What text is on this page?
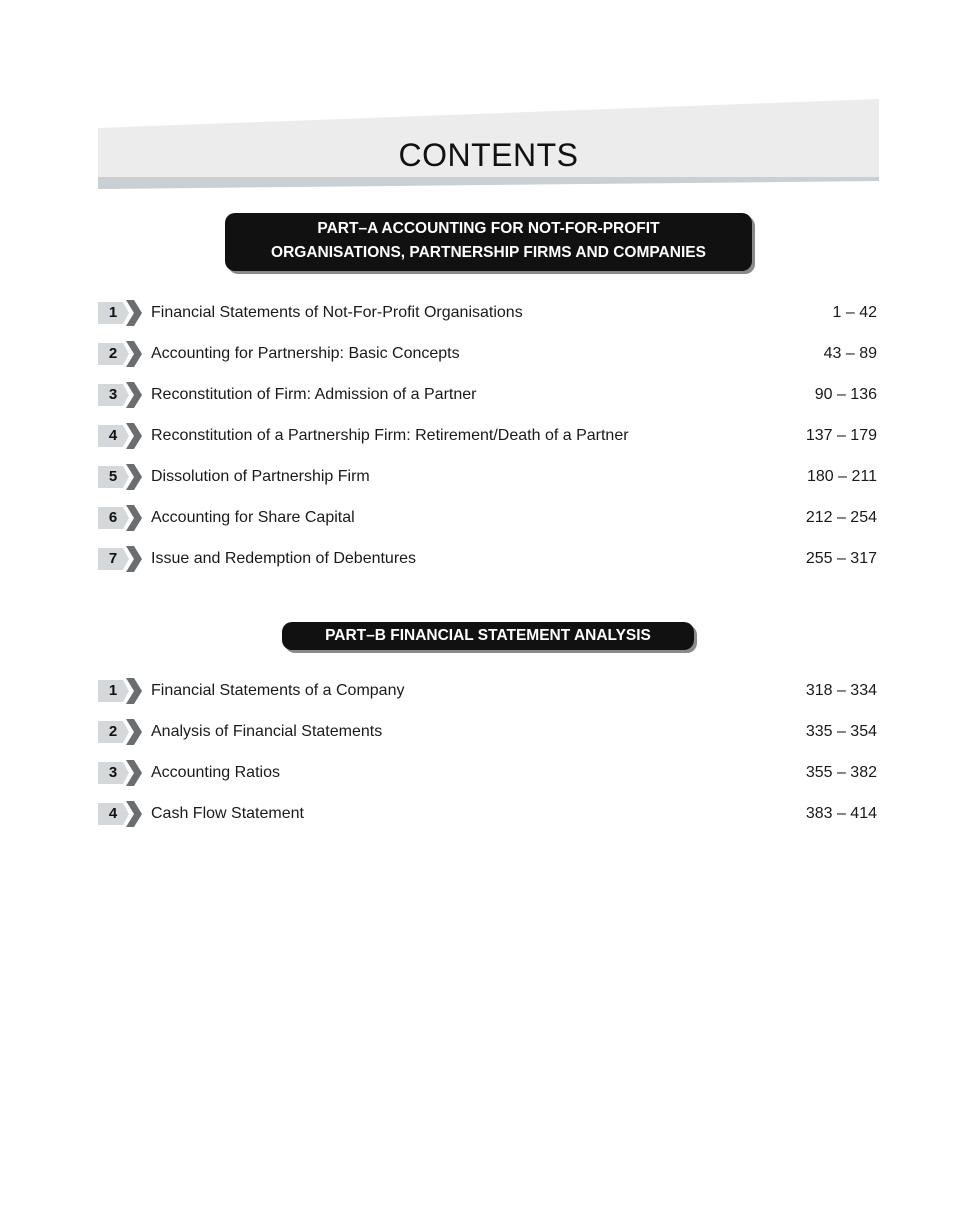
CONTENTS
PART–A ACCOUNTING FOR NOT-FOR-PROFIT
ORGANISATIONS, PARTNERSHIP FIRMS AND COMPANIES
1	Financial Statements of Not-For-Profit Organisations	1 – 42
2	Accounting for Partnership: Basic Concepts	43 – 89
3	Reconstitution of Firm: Admission of a Partner	90 – 136
4	Reconstitution of a Partnership Firm: Retirement/Death of a Partner	137 – 179
5	Dissolution of Partnership Firm	180 – 211
6	Accounting for Share Capital	212 – 254
7	Issue and Redemption of Debentures	255 – 317
PART–B FINANCIAL STATEMENT ANALYSIS
1	Financial Statements of a Company	318 – 334
2	Analysis of Financial Statements	335 – 354
3	Accounting Ratios	355 – 382
4	Cash Flow Statement	383 – 414
